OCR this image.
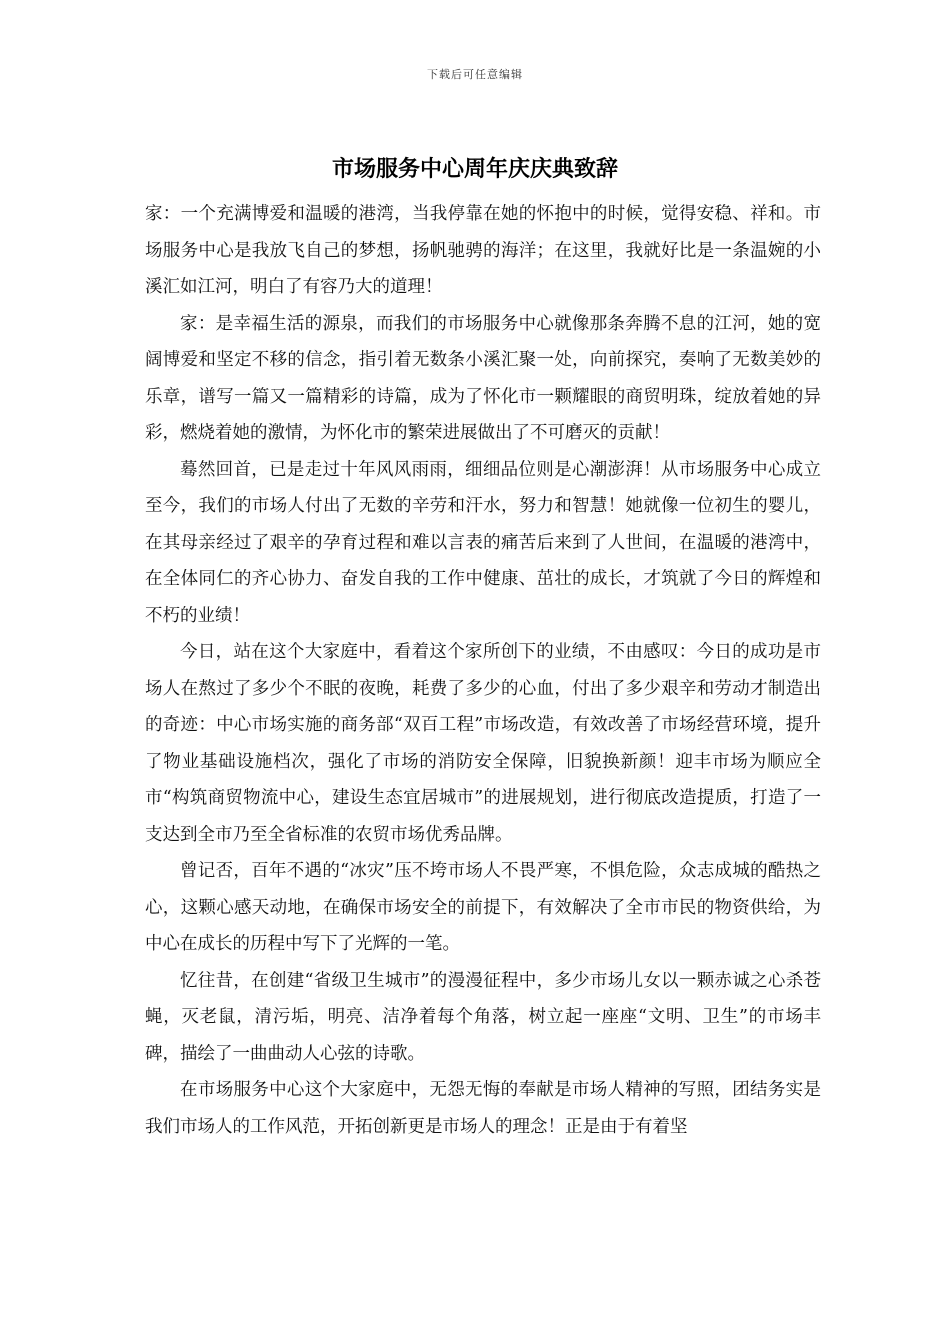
下载后可任意编辑
市场服务中心周年庆庆典致辞

家：一个充满博爱和温暖的港湾，当我停靠在她的怀抱中的时候，觉得安稳、祥和。市场服务中心是我放飞自己的梦想，扬帆驰骋的海洋；在这里，我就好比是一条温婉的小溪汇如江河，明白了有容乃大的道理！

家：是幸福生活的源泉，而我们的市场服务中心就像那条奔腾不息的江河，她的宽阔博爱和坚定不移的信念，指引着无数条小溪汇聚一处，向前探究，奏响了无数美妙的乐章，谱写一篇又一篇精彩的诗篇，成为了怀化市一颗耀眼的商贸明珠，绽放着她的异彩，燃烧着她的激情，为怀化市的繁荣进展做出了不可磨灭的贡献！

蓦然回首，已是走过十年风风雨雨，细细品位则是心潮澎湃！从市场服务中心成立至今，我们的市场人付出了无数的辛劳和汗水，努力和智慧！她就像一位初生的婴儿，在其母亲经过了艰辛的孕育过程和难以言表的痛苦后来到了人世间，在温暖的港湾中，在全体同仁的齐心协力、奋发自我的工作中健康、茁壮的成长，才筑就了今日的辉煌和不朽的业绩！

今日，站在这个大家庭中，看着这个家所创下的业绩，不由感叹：今日的成功是市场人在熬过了多少个不眠的夜晚，耗费了多少的心血，付出了多少艰辛和劳动才制造出的奇迹：中心市场实施的商务部“双百工程”市场改造，有效改善了市场经营环境，提升了物业基础设施档次，强化了市场的消防安全保障，旧貌换新颜！迎丰市场为顺应全市“构筑商贸物流中心，建设生态宜居城市”的进展规划，进行彻底改造提质，打造了一支达到全市乃至全省标准的农贸市场优秀品牌。

曾记否，百年不遇的“冰灾”压不垮市场人不畏严寒，不惧危险，众志成城的酷热之心，这颗心感天动地，在确保市场安全的前提下，有效解决了全市市民的物资供给，为中心在成长的历程中写下了光辉的一笔。

忆往昔，在创建“省级卫生城市”的漫漫征程中，多少市场儿女以一颗赤诚之心杀苍蝇，灭老鼠，清污垢，明亮、洁净着每个角落，树立起一座座“文明、卫生”的市场丰碑，描绘了一曲曲动人心弦的诗歌。

在市场服务中心这个大家庭中，无怨无悔的奉献是市场人精神的写照，团结务实是我们市场人的工作风范，开拓创新更是市场人的理念！正是由于有着坚
